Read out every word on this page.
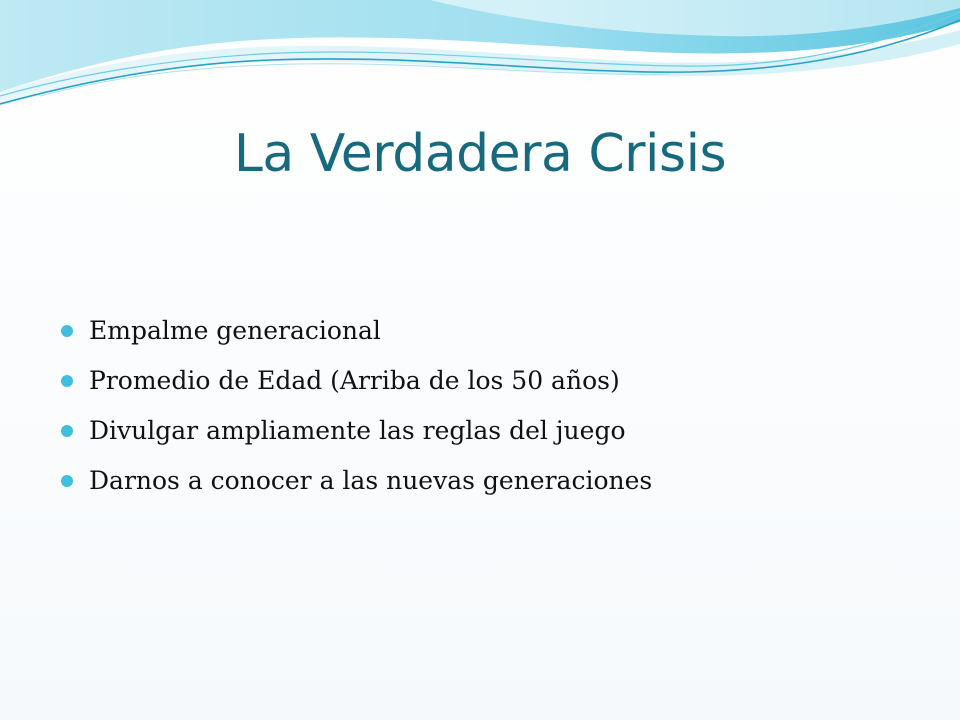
La Verdadera Crisis
Empalme generacional
Promedio de Edad (Arriba de los 50 años)
Divulgar ampliamente las reglas del juego
Darnos a conocer a las nuevas generaciones
